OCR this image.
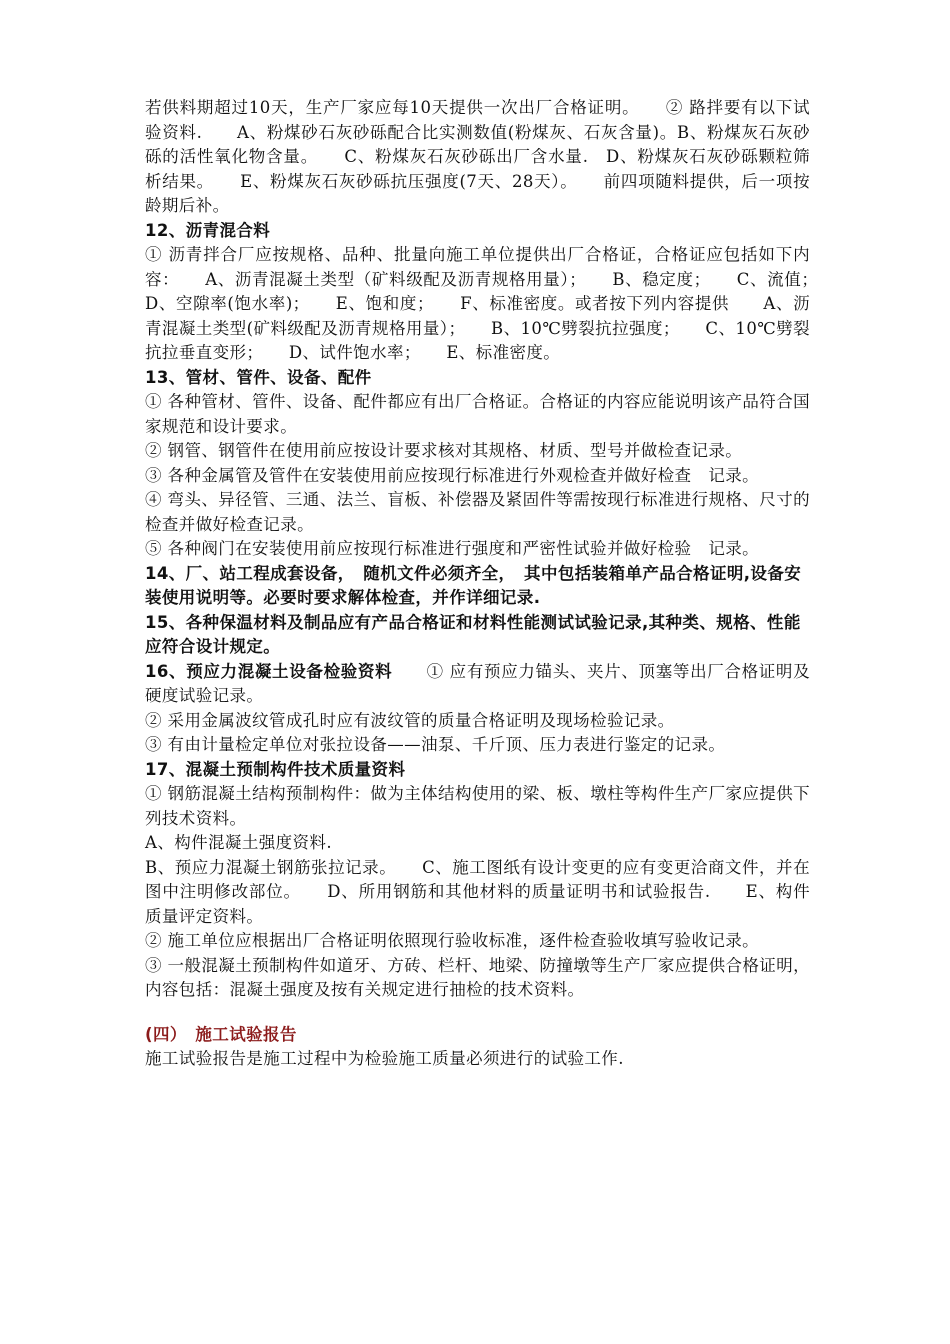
若供料期超过10天，生产厂家应每10天提供一次出厂合格证明。　　② 路拌要有以下试验资料.　　A、粉煤砂石灰砂砾配合比实测数值(粉煤灰、石灰含量)。B、粉煤灰石灰砂砾的活性氧化物含量。　　C、粉煤灰石灰砂砾出厂含水量.　D、粉煤灰石灰砂砾颗粒筛析结果。　　E、粉煤灰石灰砂砾抗压强度(7天、28天）。　　前四项随料提供，后一项按龄期后补。

12、沥青混合料

① 沥青拌合厂应按规格、品种、批量向施工单位提供出厂合格证，合格证应包括如下内容：　　A、沥青混凝土类型（矿料级配及沥青规格用量）；　　B、稳定度；　　C、流值；　　D、空隙率(饱水率)；　　E、饱和度；　　F、标准密度。或者按下列内容提供　　A、沥青混凝土类型(矿料级配及沥青规格用量）；　　B、10℃劈裂抗拉强度；　　C、10℃劈裂抗拉垂直变形；　　D、试件饱水率；　　E、标准密度。

13、管材、管件、设备、配件

① 各种管材、管件、设备、配件都应有出厂合格证。合格证的内容应能说明该产品符合国家规范和设计要求。

② 钢管、钢管件在使用前应按设计要求核对其规格、材质、型号并做检查记录。

③ 各种金属管及管件在安装使用前应按现行标准进行外观检查并做好检查　记录。

④ 弯头、异径管、三通、法兰、盲板、补偿器及紧固件等需按现行标准进行规格、尺寸的检查并做好检查记录。

⑤ 各种阀门在安装使用前应按现行标准进行强度和严密性试验并做好检验　记录。

14、厂、站工程成套设备，　随机文件必须齐全，　其中包括装箱单产品合格证明,设备安装使用说明等。必要时要求解体检查，并作详细记录.

15、各种保温材料及制品应有产品合格证和材料性能测试试验记录,其种类、规格、性能应符合设计规定。

16、预应力混凝土设备检验资料　　① 应有预应力锚头、夹片、顶塞等出厂合格证明及硬度试验记录。

② 采用金属波纹管成孔时应有波纹管的质量合格证明及现场检验记录。

③ 有由计量检定单位对张拉设备——油泵、千斤顶、压力表进行鉴定的记录。

17、混凝土预制构件技术质量资料

① 钢筋混凝土结构预制构件：做为主体结构使用的梁、板、墩柱等构件生产厂家应提供下列技术资料。

A、构件混凝土强度资料.

B、预应力混凝土钢筋张拉记录。　　C、施工图纸有设计变更的应有变更洽商文件，并在图中注明修改部位。　　D、所用钢筋和其他材料的质量证明书和试验报告.　　E、构件质量评定资料。

② 施工单位应根据出厂合格证明依照现行验收标准，逐件检查验收填写验收记录。

③ 一般混凝土预制构件如道牙、方砖、栏杆、地梁、防撞墩等生产厂家应提供合格证明，内容包括：混凝土强度及按有关规定进行抽检的技术资料。

(四）　施工试验报告

施工试验报告是施工过程中为检验施工质量必须进行的试验工作.
